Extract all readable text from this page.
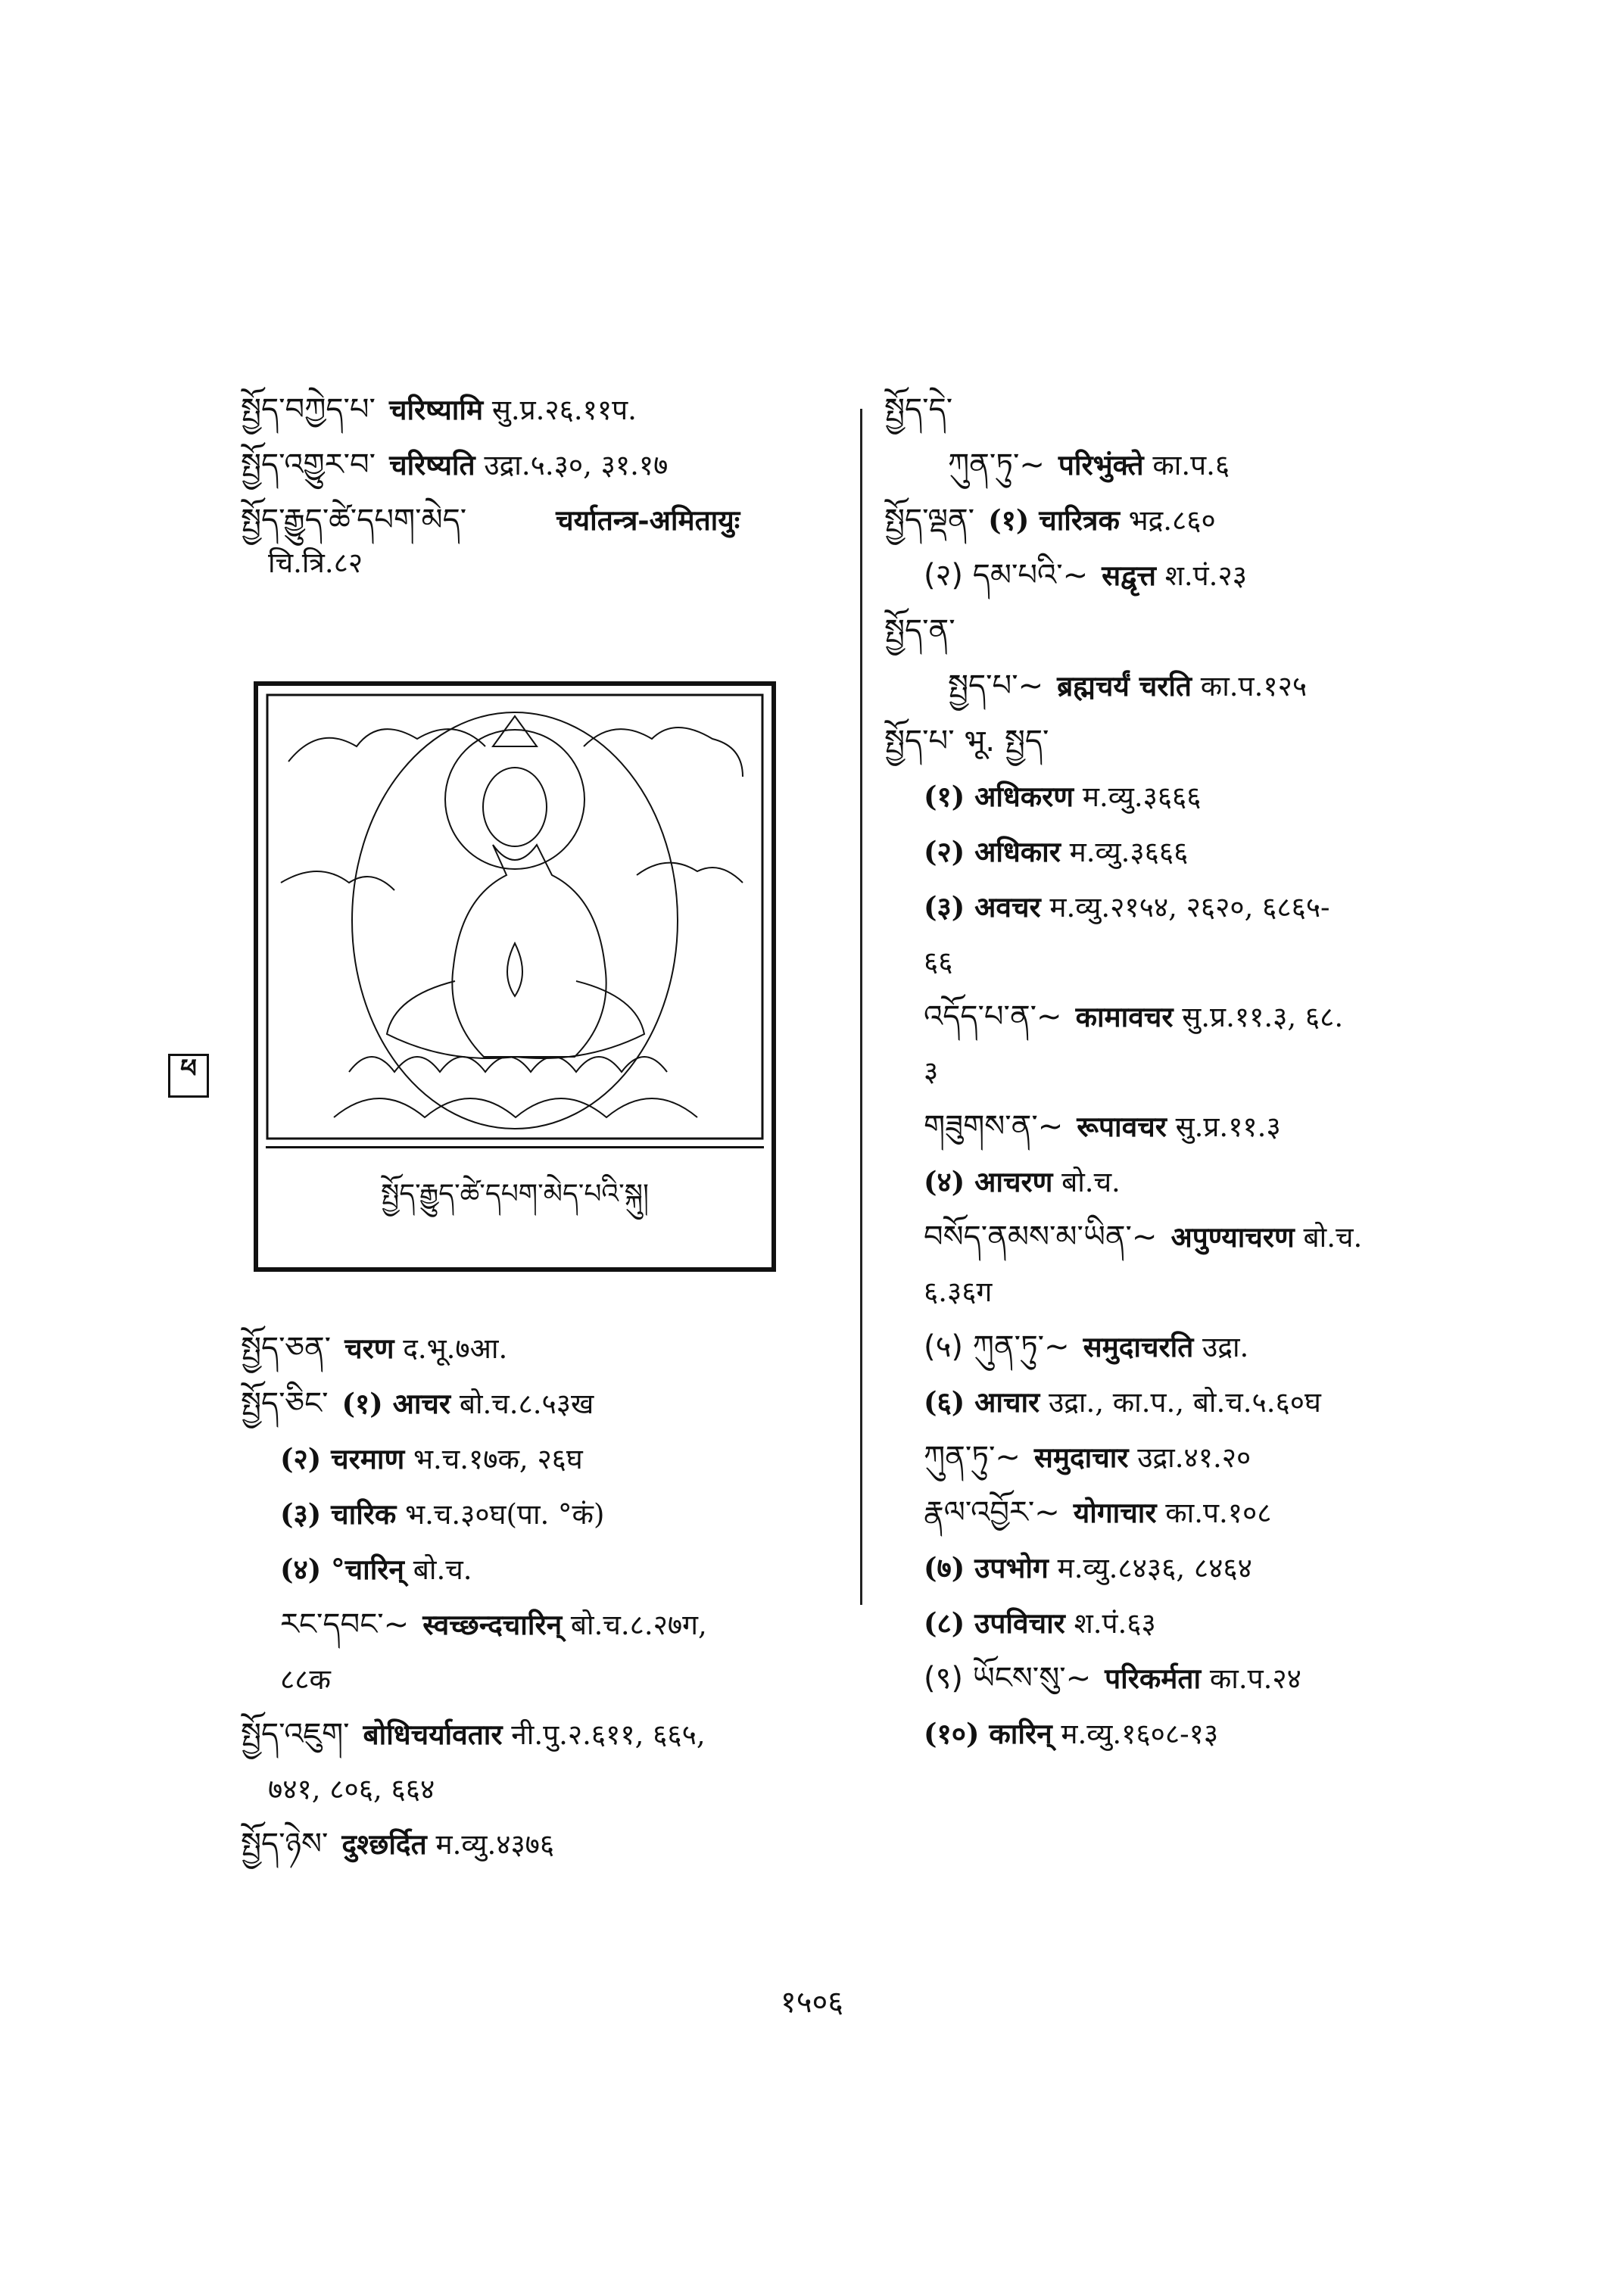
སྤྱོད་བཀྱེད་པ་ चरिष्यामि सु.प्र.२६.११प.
སྤྱོད་འགྱུར་བ་ चरिष्यति उद्रा.५.३०, ३१.१७
སྤྱོད་རྒྱུད་ཚེ་དཔག་མེད་	चर्यातन्त्र-अमितायुः
चि.त्रि.८२
སྤྱོད་རྒྱུད་ཚེ་དཔག་མེད་པའི་སྐུ།
སྤྱོད་ཅན་ चरण द.भू.७आ.
སྤྱོད་ཅིང་ (१) आचर बो.च.८.५३ख
(२) चरमाण भ.च.१७क, २६घ
(३) चारिक भ.च.३०घ(पा. °कं)
(४) °चारिन् बो.च.
རང་དབང་~ स्वच्छन्दचारिन् बो.च.८.२७ग,
८८क
སྤྱོད་འཇུག་ बोधिचर्यावतार नी.पु.२.६११, ६६५,
७४१, ८०६, ६६४
སྤྱོད་ཉེས་ दुश्छर्दित म.व्यु.४३७६
སྤྱོད་དེ་
ཀུན་ཏུ་~ परिभुंक्ते का.प.६
སྤྱོད་ལྡན་ (१) चारित्रक भद्र.८६०
(२) དམ་པའི་~ सद्वृत्त श.पं.२३
སྤྱོད་ན་
སྤྱད་པ་~ ब्रह्मचर्यं चरति का.प.१२५
སྤྱོད་པ་ भू. སྤྱད་
(१) अधिकरण म.व्यु.३६६६
(२) अधिकार म.व्यु.३६६६
(३) अवचर म.व्यु.२१५४, २६२०, ६८६५-
६६
འདོད་པ་ན་~ कामावचर सु.प्र.११.३, ६८.
३
གཟུགས་ན་~ रूपावचर सु.प्र.११.३
(४) आचरण बो.च.
བསོད་ནམས་མ་ཡིན་~ अपुण्याचरण बो.च.
६.३६ग
(५) ཀུན་ཏུ་~ समुदाचरति उद्रा.
(६) आचार उद्रा., का.प., बो.च.५.६०घ
ཀུན་ཏུ་~ समुदाचार उद्रा.४१.२०
རྣལ་འབྱོར་~ योगाचार का.प.१०८
(७) उपभोग म.व्यु.८४३६, ८४६४
(८) उपविचार श.पं.६३
(९) ཡོངས་སུ་~ परिकर्मता का.प.२४
(१०) कारिन् म.व्यु.१६०८-१३
ཕ
१५०६
